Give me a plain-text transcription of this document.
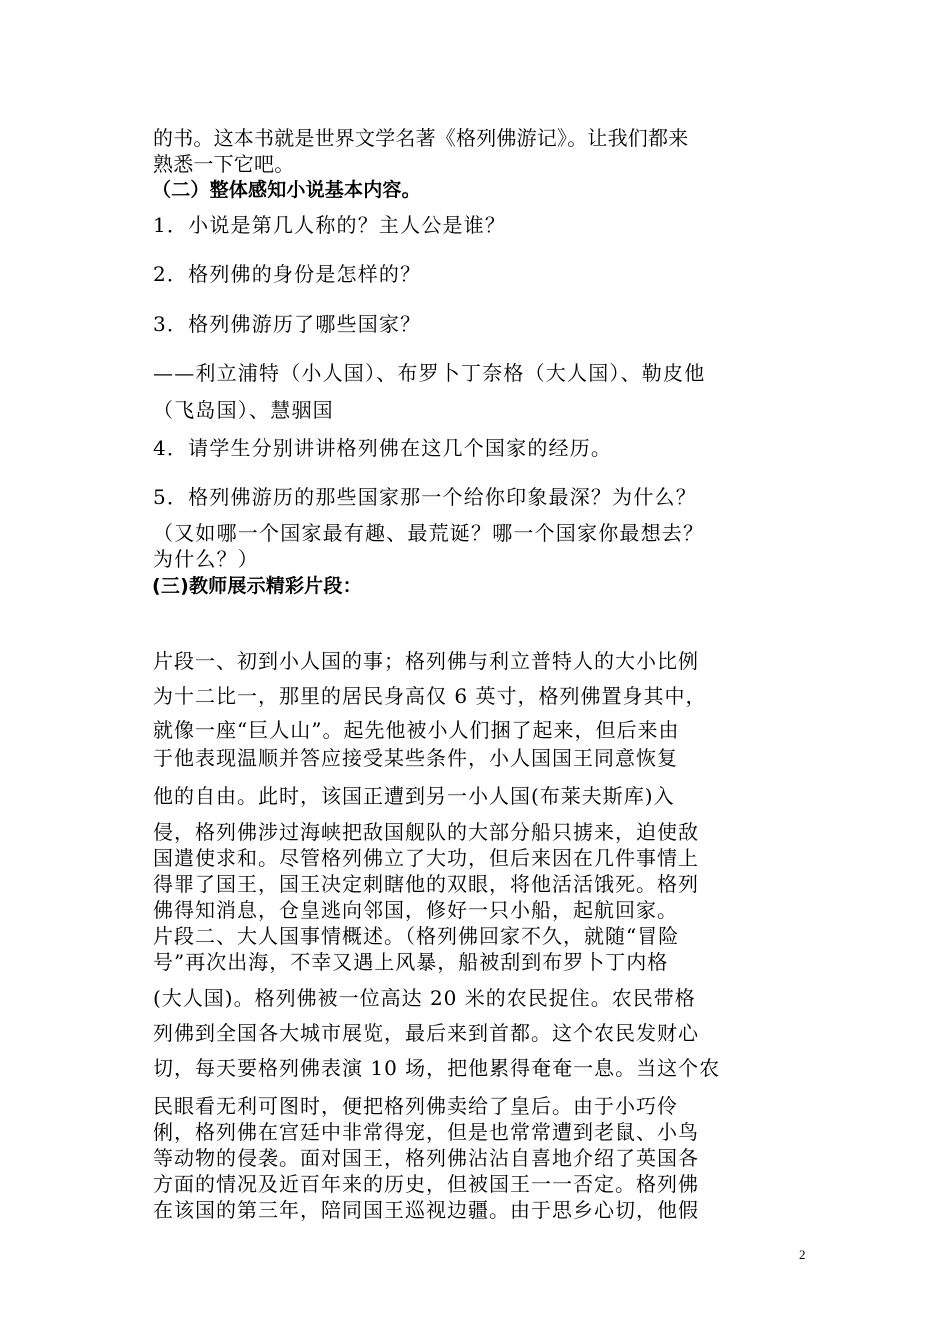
的书。这本书就是世界文学名著《格列佛游记》。让我们都来
熟悉一下它吧。
（二）整体感知小说基本内容。
1．小说是第几人称的？主人公是谁？
2．格列佛的身份是怎样的？
3．格列佛游历了哪些国家？
——利立浦特（小人国）、布罗卜丁奈格（大人国）、勒皮他
（飞岛国）、慧骃国
4．请学生分别讲讲格列佛在这几个国家的经历。
5．格列佛游历的那些国家那一个给你印象最深？为什么？
（又如哪一个国家最有趣、最荒诞？哪一个国家你最想去？
为什么？）
(三)教师展示精彩片段：
片段一、初到小人国的事；格列佛与利立普特人的大小比例
为十二比一，那里的居民身高仅 6 英寸，格列佛置身其中，
就像一座“巨人山”。起先他被小人们捆了起来，但后来由
于他表现温顺并答应接受某些条件，小人国国王同意恢复
他的自由。此时，该国正遭到另一小人国(布莱夫斯库)入
侵，格列佛涉过海峡把敌国舰队的大部分船只掳来，迫使敌
国遣使求和。尽管格列佛立了大功，但后来因在几件事情上
得罪了国王，国王决定刺瞎他的双眼，将他活活饿死。格列
佛得知消息，仓皇逃向邻国，修好一只小船，起航回家。
片段二、大人国事情概述。（格列佛回家不久，就随“冒险
号”再次出海，不幸又遇上风暴，船被刮到布罗卜丁内格
(大人国)。格列佛被一位高达 20 米的农民捉住。农民带格
列佛到全国各大城市展览，最后来到首都。这个农民发财心
切，每天要格列佛表演 10 场，把他累得奄奄一息。当这个农
民眼看无利可图时，便把格列佛卖给了皇后。由于小巧伶
俐，格列佛在宫廷中非常得宠，但是也常常遭到老鼠、小鸟
等动物的侵袭。面对国王，格列佛沾沾自喜地介绍了英国各
方面的情况及近百年来的历史，但被国王一一否定。格列佛
在该国的第三年，陪同国王巡视边疆。由于思乡心切，他假
2
